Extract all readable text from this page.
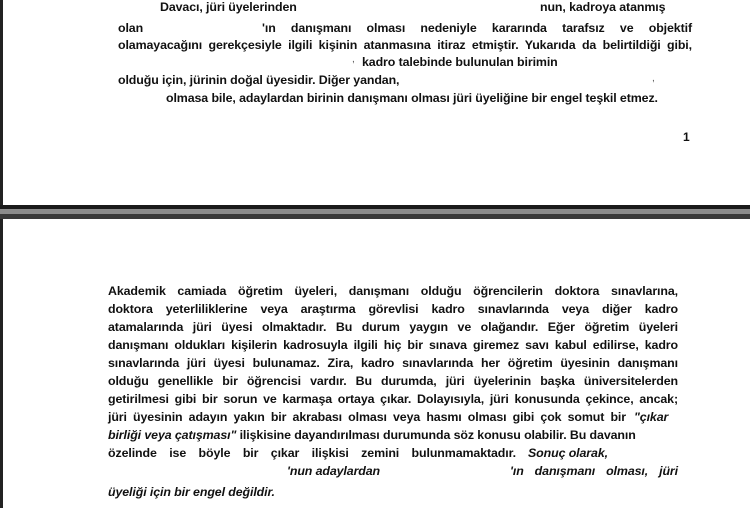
Davacı, jüri üyelerinden	nun, kadroya atanmış
olan	'ın danışmanı olması nedeniyle kararında tarafsız ve objektif
olamayacağını gerekçesiyle ilgili kişinin atanmasına itiraz etmiştir. Yukarıda da belirtildiği gibi,
, kadro talebinde bulunulan birimin
olduğu için, jürinin doğal üyesidir. Diğer yandan,	,
olmasa bile, adaylardan birinin danışmanı olması jüri üyeliğine bir engel teşkil etmez.
1
Akademik camiada öğretim üyeleri, danışmanı olduğu öğrencilerin doktora sınavlarına,
doktora yeterliliklerine veya araştırma görevlisi kadro sınavlarında veya diğer kadro
atamalarında jüri üyesi olmaktadır. Bu durum yaygın ve olağandır. Eğer öğretim üyeleri
danışmanı oldukları kişilerin kadrosuyla ilgili hiç bir sınava giremez savı kabul edilirse, kadro
sınavlarında jüri üyesi bulunamaz. Zira, kadro sınavlarında her öğretim üyesinin danışmanı
olduğu genellikle bir öğrencisi vardır. Bu durumda, jüri üyelerinin başka üniversitelerden
getirilmesi gibi bir sorun ve karmaşa ortaya çıkar. Dolayısıyla, jüri konusunda çekince, ancak;
jüri üyesinin adayın yakın bir akrabası olması veya hasmı olması gibi çok somut bir "çıkar
birliği veya çatışması" ilişkisine dayandırılması durumunda söz konusu olabilir. Bu davanın
özelinde ise böyle bir çıkar ilişkisi zemini bulunmamaktadır. Sonuç olarak,
'nun adaylardan	'ın danışmanı olması, jüri
üyeliği için bir engel değildir.
